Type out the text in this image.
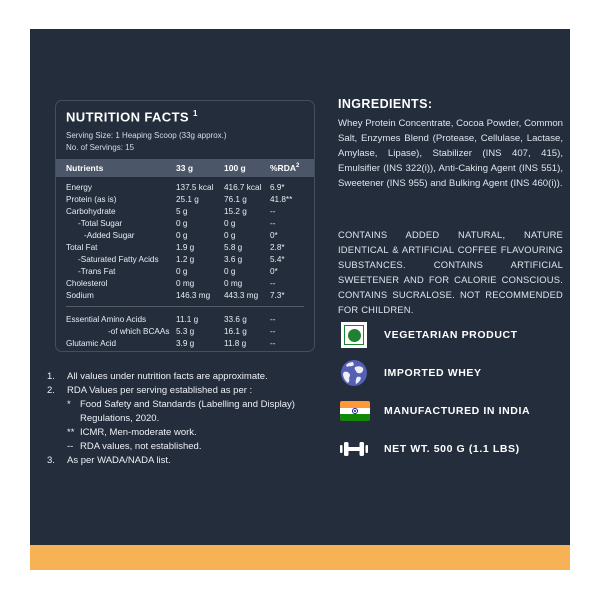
NUTRITION FACTS $^1$
Serving Size: 1 Heaping Scoop (33g approx.)
No. of Servings: 15
Nutrients	33 g	100 g	%RDA$^2$
Energy	137.5 kcal	416.7 kcal	6.9*
Protein (as is)	25.1 g	76.1 g	41.8**
Carbohydrate	5 g	15.2 g	--
-Total Sugar	0 g	0 g	--
-Added Sugar	0 g	0 g	0*
Total Fat	1.9 g	5.8 g	2.8*
-Saturated Fatty Acids	1.2 g	3.6 g	5.4*
-Trans Fat	0 g	0 g	0*
Cholesterol	0 mg	0 mg	--
Sodium	146.3 mg	443.3 mg	7.3*
Essential Amino Acids	11.1 g	33.6 g	--
-of which BCAAs 5.3 g	16.1 g	--
Glutamic Acid	3.9 g	11.8 g	--
1.	All values under nutrition facts are approximate.
2.	RDA Values per serving established as per :
* Food Safety and Standards (Labelling and Display) Regulations, 2020.
** ICMR, Men-moderate work.
-- RDA values, not established.
3.	As per WADA/NADA list.
INGREDIENTS:
Whey Protein Concentrate, Cocoa Powder, Common Salt, Enzymes Blend (Protease, Cellulase, Lactase, Amylase, Lipase), Stabilizer (INS 407, 415), Emulsifier (INS 322(i)), Anti-Caking Agent (INS 551), Sweetener (INS 955) and Bulking Agent (INS 460(i)).
CONTAINS ADDED NATURAL, NATURE IDENTICAL & ARTIFICIAL COFFEE FLAVOURING SUBSTANCES. CONTAINS ARTIFICIAL SWEETENER AND FOR CALORIE CONSCIOUS. CONTAINS SUCRALOSE. NOT RECOMMENDED FOR CHILDREN.
VEGETARIAN PRODUCT
IMPORTED WHEY
MANUFACTURED IN INDIA
NET WT. 500 G (1.1 LBS)
